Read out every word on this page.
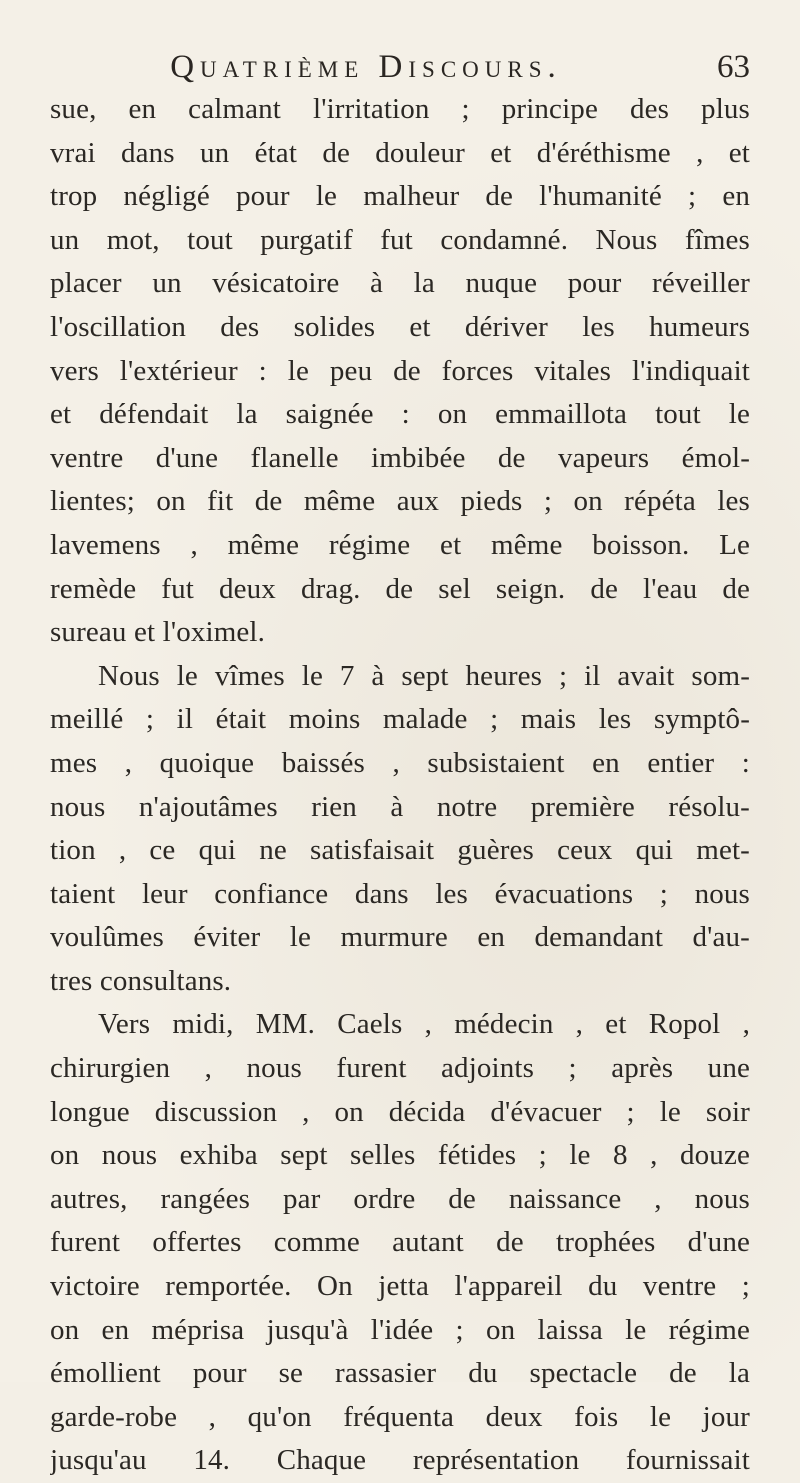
Quatrième Discours.	63
sue, en calmant l'irritation ; principe des plus
vrai dans un état de douleur et d'éréthisme , et
trop négligé pour le malheur de l'humanité ; en
un mot, tout purgatif fut condamné. Nous fîmes
placer un vésicatoire à la nuque pour réveiller
l'oscillation des solides et dériver les humeurs
vers l'extérieur : le peu de forces vitales l'indiquait
et défendait la saignée : on emmaillota tout le
ventre d'une flanelle imbibée de vapeurs émol-
lientes; on fit de même aux pieds ; on répéta les
lavemens , même régime et même boisson. Le
remède fut deux drag. de sel seign. de l'eau de
sureau et l'oximel.
Nous le vîmes le 7 à sept heures ; il avait som-
meillé ; il était moins malade ; mais les symptô-
mes , quoique baissés , subsistaient en entier :
nous n'ajoutâmes rien à notre première résolu-
tion , ce qui ne satisfaisait guères ceux qui met-
taient leur confiance dans les évacuations ; nous
voulûmes éviter le murmure en demandant d'au-
tres consultans.
Vers midi, MM. Caels , médecin , et Ropol ,
chirurgien , nous furent adjoints ; après une
longue discussion , on décida d'évacuer ; le soir
on nous exhiba sept selles fétides ; le 8 , douze
autres, rangées par ordre de naissance , nous
furent offertes comme autant de trophées d'une
victoire remportée. On jetta l'appareil du ventre ;
on en méprisa jusqu'à l'idée ; on laissa le régime
émollient pour se rassasier du spectacle de la
garde-robe , qu'on fréquenta deux fois le jour
jusqu'au 14. Chaque représentation fournissait
